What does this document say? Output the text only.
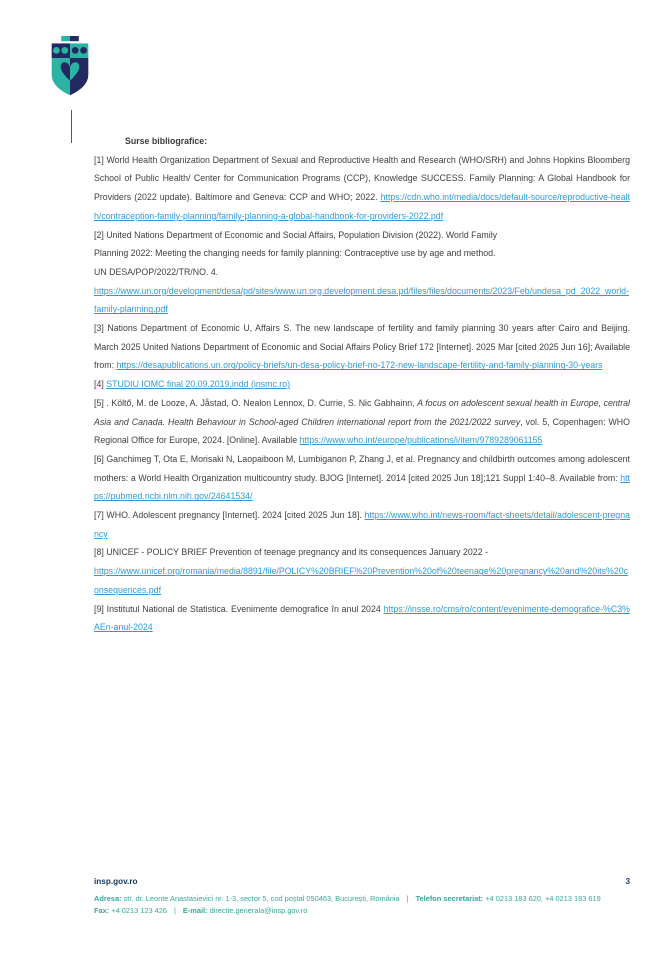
Surse bibliografice:

[1] World Health Organization Department of Sexual and Reproductive Health and Research (WHO/SRH) and Johns Hopkins Bloomberg School of Public Health/ Center for Communication Programs (CCP), Knowledge SUCCESS. Family Planning: A Global Handbook for Providers (2022 update). Baltimore and Geneva: CCP and WHO; 2022. https://cdn.who.int/media/docs/default-source/reproductive-health/contraception-family-planning/family-planning-a-global-handbook-for-providers-2022.pdf

[2] United Nations Department of Economic and Social Affairs, Population Division (2022). World Family
Planning 2022: Meeting the changing needs for family planning: Contraceptive use by age and method.
UN DESA/POP/2022/TR/NO. 4.
https://www.un.org/development/desa/pd/sites/www.un.org.development.desa.pd/files/files/documents/2023/Feb/undesa_pd_2022_world-family-planning.pdf

[3] Nations Department of Economic U, Affairs S. The new landscape of fertility and family planning 30 years after Cairo and Beijing. March 2025 United Nations Department of Economic and Social Affairs Policy Brief 172 [Internet]. 2025 Mar [cited 2025 Jun 16]; Available from: https://desapublications.un.org/policy-briefs/un-desa-policy-brief-no-172-new-landscape-fertility-and-family-planning-30-years

[4] STUDIU IOMC final 20.09.2019.indd (insmc.ro)

[5] . Költő, M. de Looze, A. Jåstad, O. Nealon Lennox, D. Currie, S. Nic Gabhainn, A focus on adolescent sexual health in Europe, central Asia and Canada. Health Behaviour in School-aged Children international report from the 2021/2022 survey, vol. 5, Copenhagen: WHO Regional Office for Europe, 2024. [Online]. Available https://www.who.int/europe/publications/i/item/9789289061155

[6] Ganchimeg T, Ota E, Morisaki N, Laopaiboon M, Lumbiganon P, Zhang J, et al. Pregnancy and childbirth outcomes among adolescent mothers: a World Health Organization multicountry study. BJOG [Internet]. 2014 [cited 2025 Jun 18];121 Suppl 1:40–8. Available from: https://pubmed.ncbi.nlm.nih.gov/24641534/

[7] WHO. Adolescent pregnancy [Internet]. 2024 [cited 2025 Jun 18]. https://www.who.int/news-room/fact-sheets/detail/adolescent-pregnancy

[8] UNICEF - POLICY BRIEF Prevention of teenage pregnancy and its consequences January 2022 -
https://www.unicef.org/romania/media/8891/file/POLICY%20BRIEF%20Prevention%20of%20teenage%20pregnancy%20and%20its%20consequences.pdf

[9] Institutul National de Statistica. Evenimente demografice în anul 2024 https://insse.ro/cms/ro/content/evenimente-demografice-%C3%AEn-anul-2024

insp.gov.ro	3
Adresa: str. dr. Leonte Anastasievici nr. 1-3, sector 5, cod poștal 050463, București, România | Telefon secretariat: +4 0213 183 620, +4 0213 183 619
Fax: +4 0213 123 426 | E-mail: directie.generala@insp.gov.ro
